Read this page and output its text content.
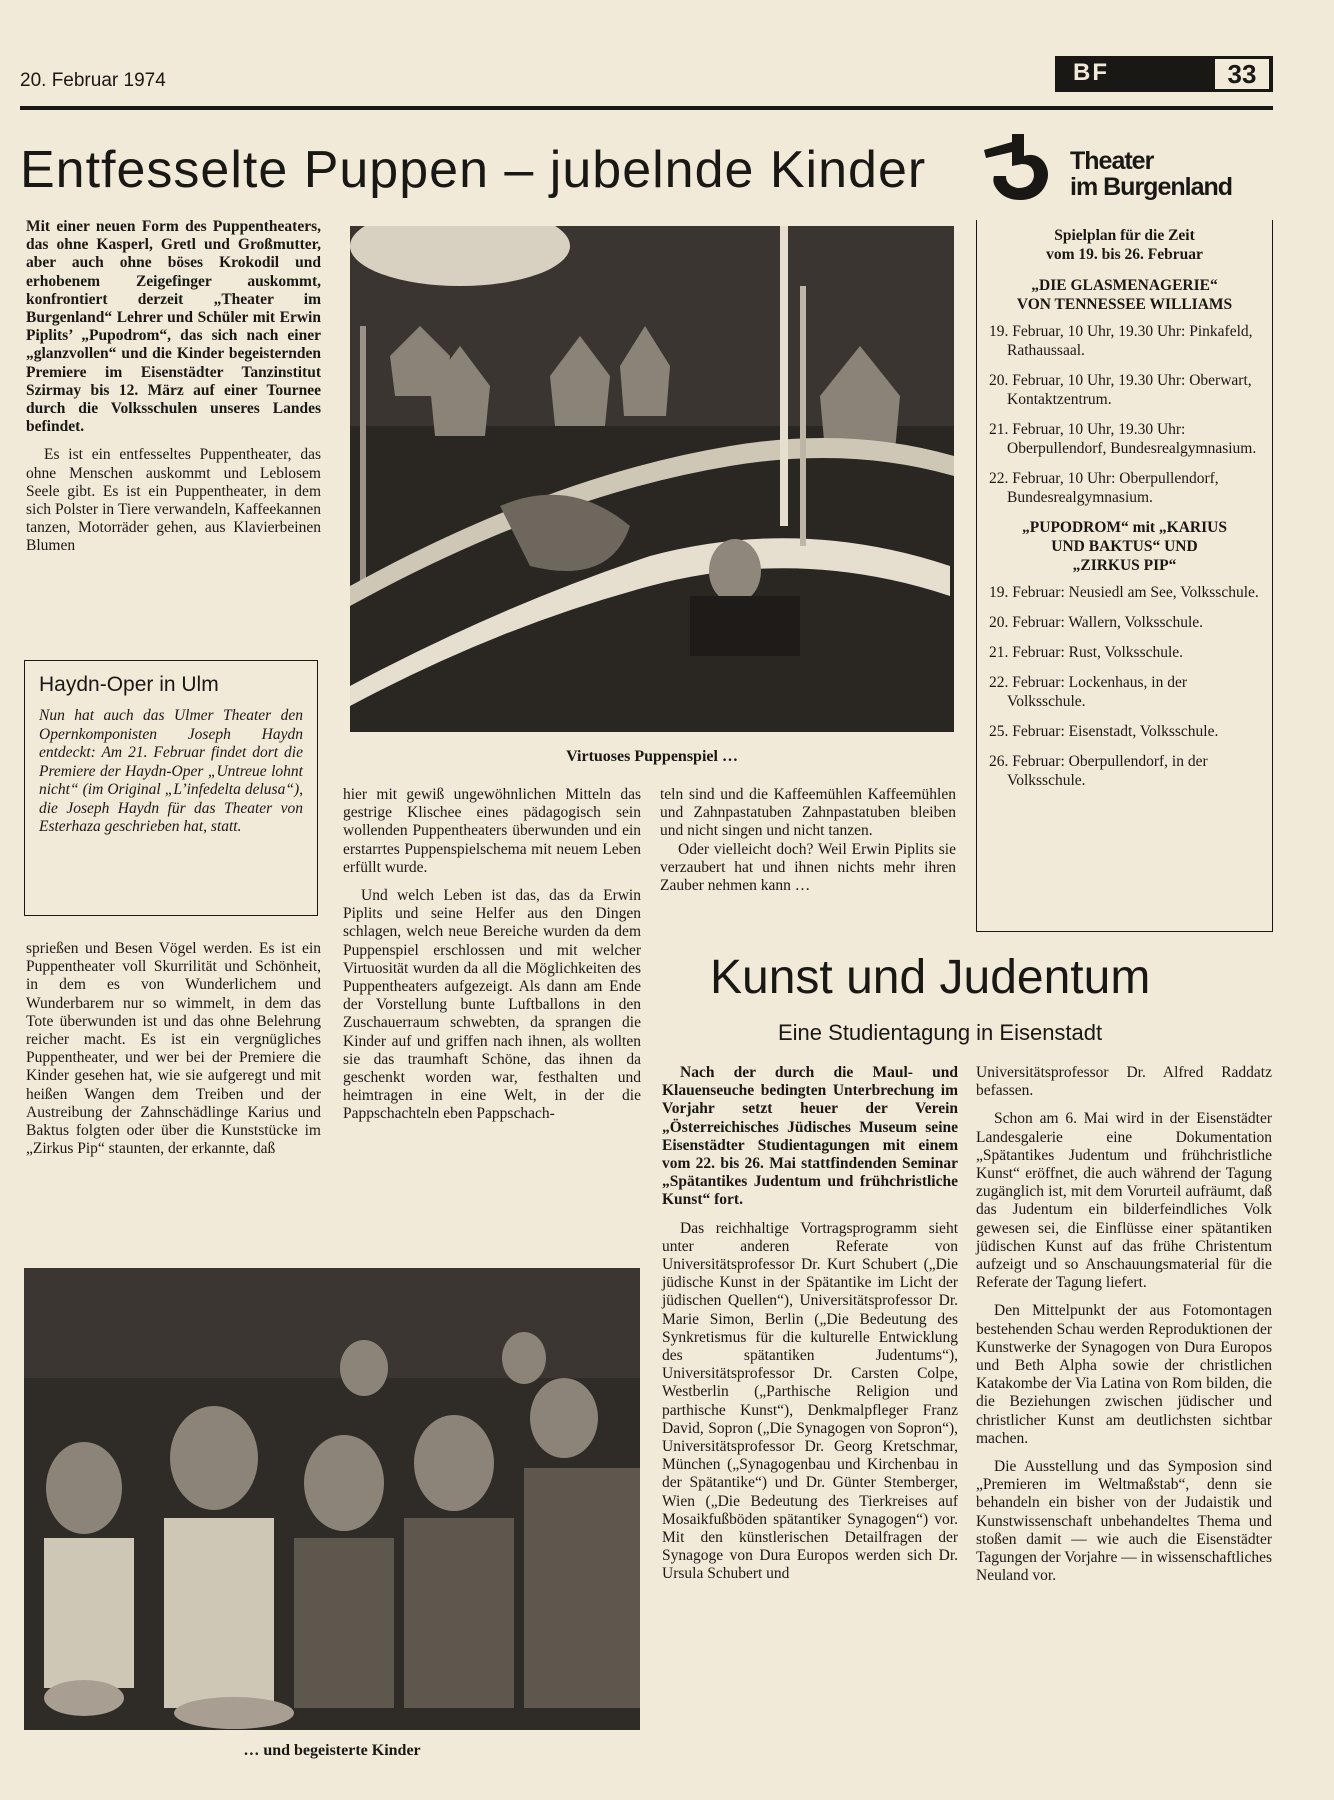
20. Februar 1974	BF	33
Entfesselte Puppen – jubelnde Kinder	Theater
im Burgenland

Mit einer neuen Form des Puppentheaters, das ohne Kasperl, Gretl und Großmutter, aber auch ohne böses Krokodil und erhobenem Zeigefinger auskommt, konfrontiert derzeit „Theater im Burgenland“ Lehrer und Schüler mit Erwin Piplits’ „Pupodrom“, das sich nach einer „glanzvollen“ und die Kinder begeisternden Premiere im Eisenstädter Tanzinstitut Szirmay bis 12. März auf einer Tournee durch die Volksschulen unseres Landes befindet.

Es ist ein entfesseltes Puppentheater, das ohne Menschen auskommt und Leblosem Seele gibt. Es ist ein Puppentheater, in dem sich Polster in Tiere verwandeln, Kaffeekannen tanzen, Motorräder gehen, aus Klavierbeinen Blumen

Haydn-Oper in Ulm
Nun hat auch das Ulmer Theater den Opernkomponisten Joseph Haydn entdeckt: Am 21. Februar findet dort die Premiere der Haydn-Oper „Untreue lohnt nicht“ (im Original „L’infedelta delusa“), die Joseph Haydn für das Theater von Esterhaza geschrieben hat, statt.

sprießen und Besen Vögel werden. Es ist ein Puppentheater voll Skurrilität und Schönheit, in dem es von Wunderlichem und Wunderbarem nur so wimmelt, in dem das Tote überwunden ist und das ohne Belehrung reicher macht. Es ist ein vergnügliches Puppentheater, und wer bei der Premiere die Kinder gesehen hat, wie sie aufgeregt und mit heißen Wangen dem Treiben und der Austreibung der Zahnschädlinge Karius und Baktus folgten oder über die Kunststücke im „Zirkus Pip“ staunten, der erkannte, daß

hier mit gewiß ungewöhnlichen Mitteln das gestrige Klischee eines pädagogisch sein wollenden Puppentheaters überwunden und ein erstarrtes Puppenspielschema mit neuem Leben erfüllt wurde.

Und welch Leben ist das, das da Erwin Piplits und seine Helfer aus den Dingen schlagen, welch neue Bereiche wurden da dem Puppenspiel erschlossen und mit welcher Virtuosität wurden da all die Möglichkeiten des Puppentheaters aufgezeigt. Als dann am Ende der Vorstellung bunte Luftballons in den Zuschauerraum schwebten, da sprangen die Kinder auf und griffen nach ihnen, als wollten sie das traumhaft Schöne, das ihnen da geschenkt worden war, festhalten und heimtragen in eine Welt, in der die Pappschachteln eben Pappschach-

teln sind und die Kaffeemühlen Kaffeemühlen und Zahnpastatuben Zahnpastatuben bleiben und nicht singen und nicht tanzen.

Oder vielleicht doch? Weil Erwin Piplits sie verzaubert hat und ihnen nichts mehr ihren Zauber nehmen kann …

Virtuoses Puppenspiel …
… und begeisterte Kinder
Spielplan für die Zeit
vom 19. bis 26. Februar
„DIE GLASMENAGERIE“
VON TENNESSEE WILLIAMS
19. Februar, 10 Uhr, 19.30 Uhr: Pinkafeld, Rathaussaal.
20. Februar, 10 Uhr, 19.30 Uhr: Oberwart, Kontaktzentrum.
21. Februar, 10 Uhr, 19.30 Uhr: Oberpullendorf, Bundesrealgymnasium.
22. Februar, 10 Uhr: Oberpullendorf, Bundesrealgymnasium.
„PUPODROM“ mit „KARIUS
UND BAKTUS“ UND
„ZIRKUS PIP“
19. Februar: Neusiedl am See, Volksschule.
20. Februar: Wallern, Volksschule.
21. Februar: Rust, Volksschule.
22. Februar: Lockenhaus, in der Volksschule.
25. Februar: Eisenstadt, Volksschule.
26. Februar: Oberpullendorf, in der Volksschule.
Kunst und Judentum
Eine Studientagung in Eisenstadt

Nach der durch die Maul- und Klauenseuche bedingten Unterbrechung im Vorjahr setzt heuer der Verein „Österreichisches Jüdisches Museum seine Eisenstädter Studientagungen mit einem vom 22. bis 26. Mai stattfindenden Seminar „Spätantikes Judentum und frühchristliche Kunst“ fort.

Das reichhaltige Vortragsprogramm sieht unter anderen Referate von Universitätsprofessor Dr. Kurt Schubert („Die jüdische Kunst in der Spätantike im Licht der jüdischen Quellen“), Universitätsprofessor Dr. Marie Simon, Berlin („Die Bedeutung des Synkretismus für die kulturelle Entwicklung des spätantiken Judentums“), Universitätsprofessor Dr. Carsten Colpe, Westberlin („Parthische Religion und parthische Kunst“), Denkmalpfleger Franz David, Sopron („Die Synagogen von Sopron“), Universitätsprofessor Dr. Georg Kretschmar, München („Synagogenbau und Kirchenbau in der Spätantike“) und Dr. Günter Stemberger, Wien („Die Bedeutung des Tierkreises auf Mosaikfußböden spätantiker Synagogen“) vor. Mit den künstlerischen Detailfragen der Synagoge von Dura Europos werden sich Dr. Ursula Schubert und

Universitätsprofessor Dr. Alfred Raddatz befassen.

Schon am 6. Mai wird in der Eisenstädter Landesgalerie eine Dokumentation „Spätantikes Judentum und frühchristliche Kunst“ eröffnet, die auch während der Tagung zugänglich ist, mit dem Vorurteil aufräumt, daß das Judentum ein bilderfeindliches Volk gewesen sei, die Einflüsse einer spätantiken jüdischen Kunst auf das frühe Christentum aufzeigt und so Anschauungsmaterial für die Referate der Tagung liefert.

Den Mittelpunkt der aus Fotomontagen bestehenden Schau werden Reproduktionen der Kunstwerke der Synagogen von Dura Europos und Beth Alpha sowie der christlichen Katakombe der Via Latina von Rom bilden, die die Beziehungen zwischen jüdischer und christlicher Kunst am deutlichsten sichtbar machen.

Die Ausstellung und das Symposion sind „Premieren im Weltmaßstab“, denn sie behandeln ein bisher von der Judaistik und Kunstwissenschaft unbehandeltes Thema und stoßen damit — wie auch die Eisenstädter Tagungen der Vorjahre — in wissenschaftliches Neuland vor.
